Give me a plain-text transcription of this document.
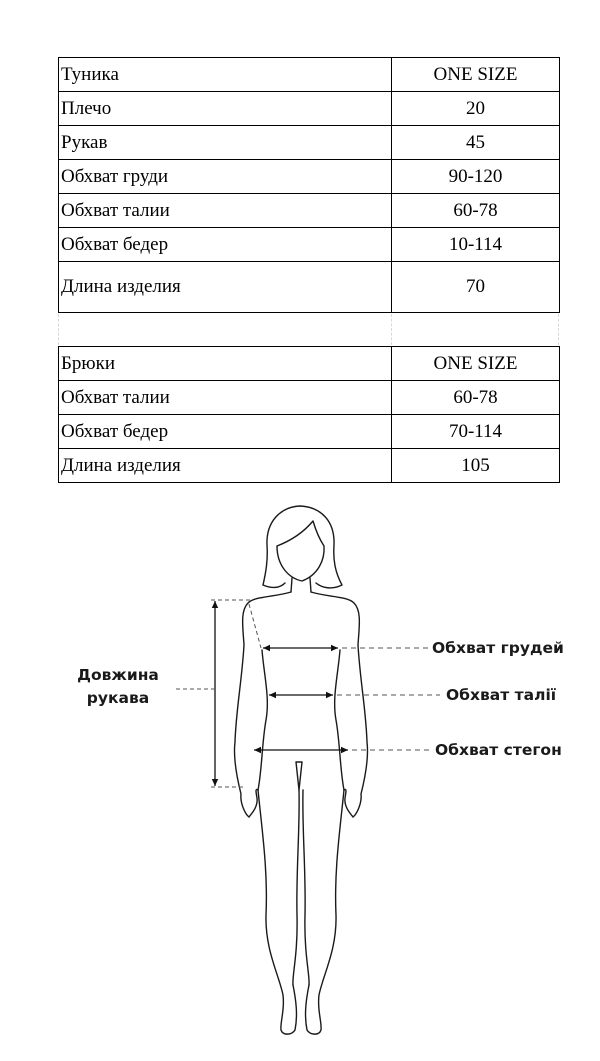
Туника	ONE SIZE
Плечо	20
Рукав	45
Обхват груди	90-120
Обхват талии	60-78
Обхват бедер	10-114
Длина изделия	70
Брюки	ONE SIZE
Обхват талии	60-78
Обхват бедер	70-114
Длина изделия	105
Довжина
рукава
Обхват грудей
Обхват талії
Обхват стегон
